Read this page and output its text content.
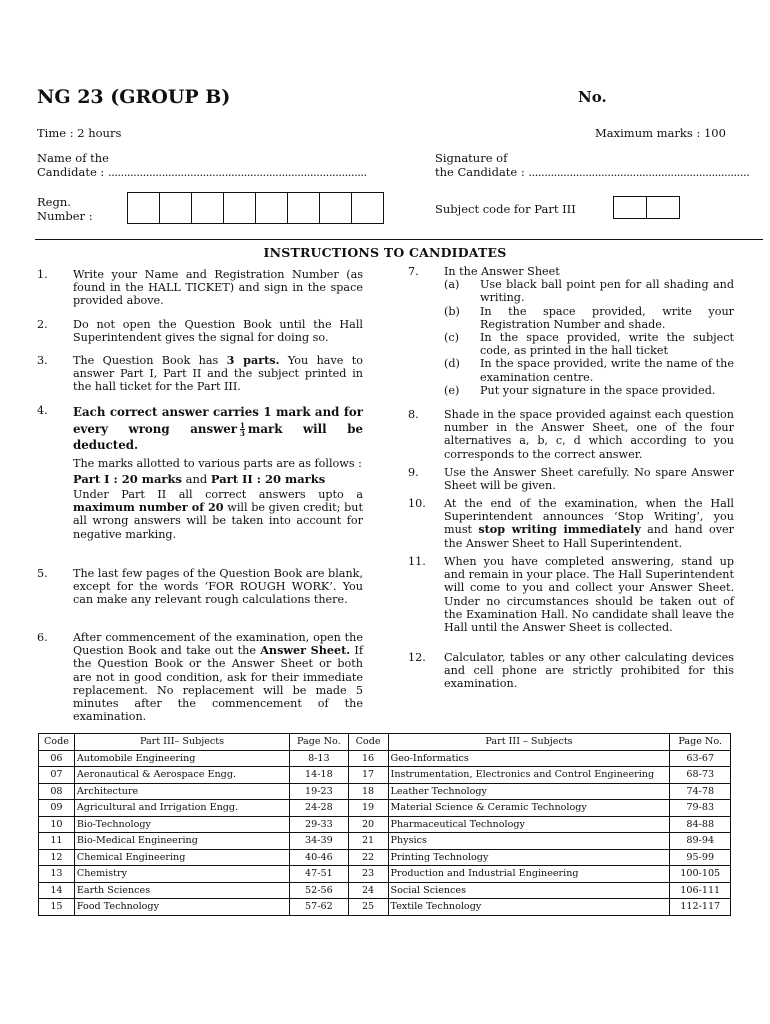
NG 23 (GROUP B)	No.
Time : 2 hours	Maximum marks : 100
Name of the
Candidate : ..................................................................................
Signature of
the Candidate : ......................................................................
Regn.
Number :	Subject code for Part III
INSTRUCTIONS TO CANDIDATES
1. Write your Name and Registration Number (as found in the HALL TICKET) and sign in the space provided above.
2. Do not open the Question Book until the Hall Superintendent gives the signal for doing so.
3. The Question Book has 3 parts. You have to answer Part I, Part II and the subject printed in the hall ticket for the Part III.
4. Each correct answer carries 1 mark and for every wrong answer $\frac{1}{3}$ mark will be deducted.
The marks allotted to various parts are as follows :
Part I : 20 marks and Part II : 20 marks
Under Part II all correct answers upto a maximum number of 20 will be given credit; but all wrong answers will be taken into account for negative marking.
5. The last few pages of the Question Book are blank, except for the words ‘FOR ROUGH WORK’. You can make any relevant rough calculations there.
6. After commencement of the examination, open the Question Book and take out the Answer Sheet. If the Question Book or the Answer Sheet or both are not in good condition, ask for their immediate replacement. No replacement will be made 5 minutes after the commencement of the examination.
7. In the Answer Sheet
(a)	Use black ball point pen for all shading and writing.
(b)	In the space provided, write your Registration Number and shade.
(c)	In the space provided, write the subject code, as printed in the hall ticket
(d)	In the space provided, write the name of the examination centre.
(e)	Put your signature in the space provided.
8. Shade in the space provided against each question number in the Answer Sheet, one of the four alternatives a, b, c, d which according to you corresponds to the correct answer.
9. Use the Answer Sheet carefully. No spare Answer Sheet will be given.
10. At the end of the examination, when the Hall Superintendent announces ‘Stop Writing’, you must stop writing immediately and hand over the Answer Sheet to Hall Superintendent.
11. When you have completed answering, stand up and remain in your place. The Hall Superintendent will come to you and collect your Answer Sheet. Under no circumstances should be taken out of the Examination Hall. No candidate shall leave the Hall until the Answer Sheet is collected.
12. Calculator, tables or any other calculating devices and cell phone are strictly prohibited for this examination.
Code	Part III– Subjects	Page No.	Code	Part III – Subjects	Page No.
06	Automobile Engineering	8-13	16	Geo-Informatics	63-67
07	Aeronautical & Aerospace Engg.	14-18	17	Instrumentation, Electronics and Control Engineering	68-73
08	Architecture	19-23	18	Leather Technology	74-78
09	Agricultural and Irrigation Engg.	24-28	19	Material Science & Ceramic Technology	79-83
10	Bio-Technology	29-33	20	Pharmaceutical Technology	84-88
11	Bio-Medical Engineering	34-39	21	Physics	89-94
12	Chemical Engineering	40-46	22	Printing Technology	95-99
13	Chemistry	47-51	23	Production and Industrial Engineering	100-105
14	Earth Sciences	52-56	24	Social Sciences	106-111
15	Food Technology	57-62	25	Textile Technology	112-117
